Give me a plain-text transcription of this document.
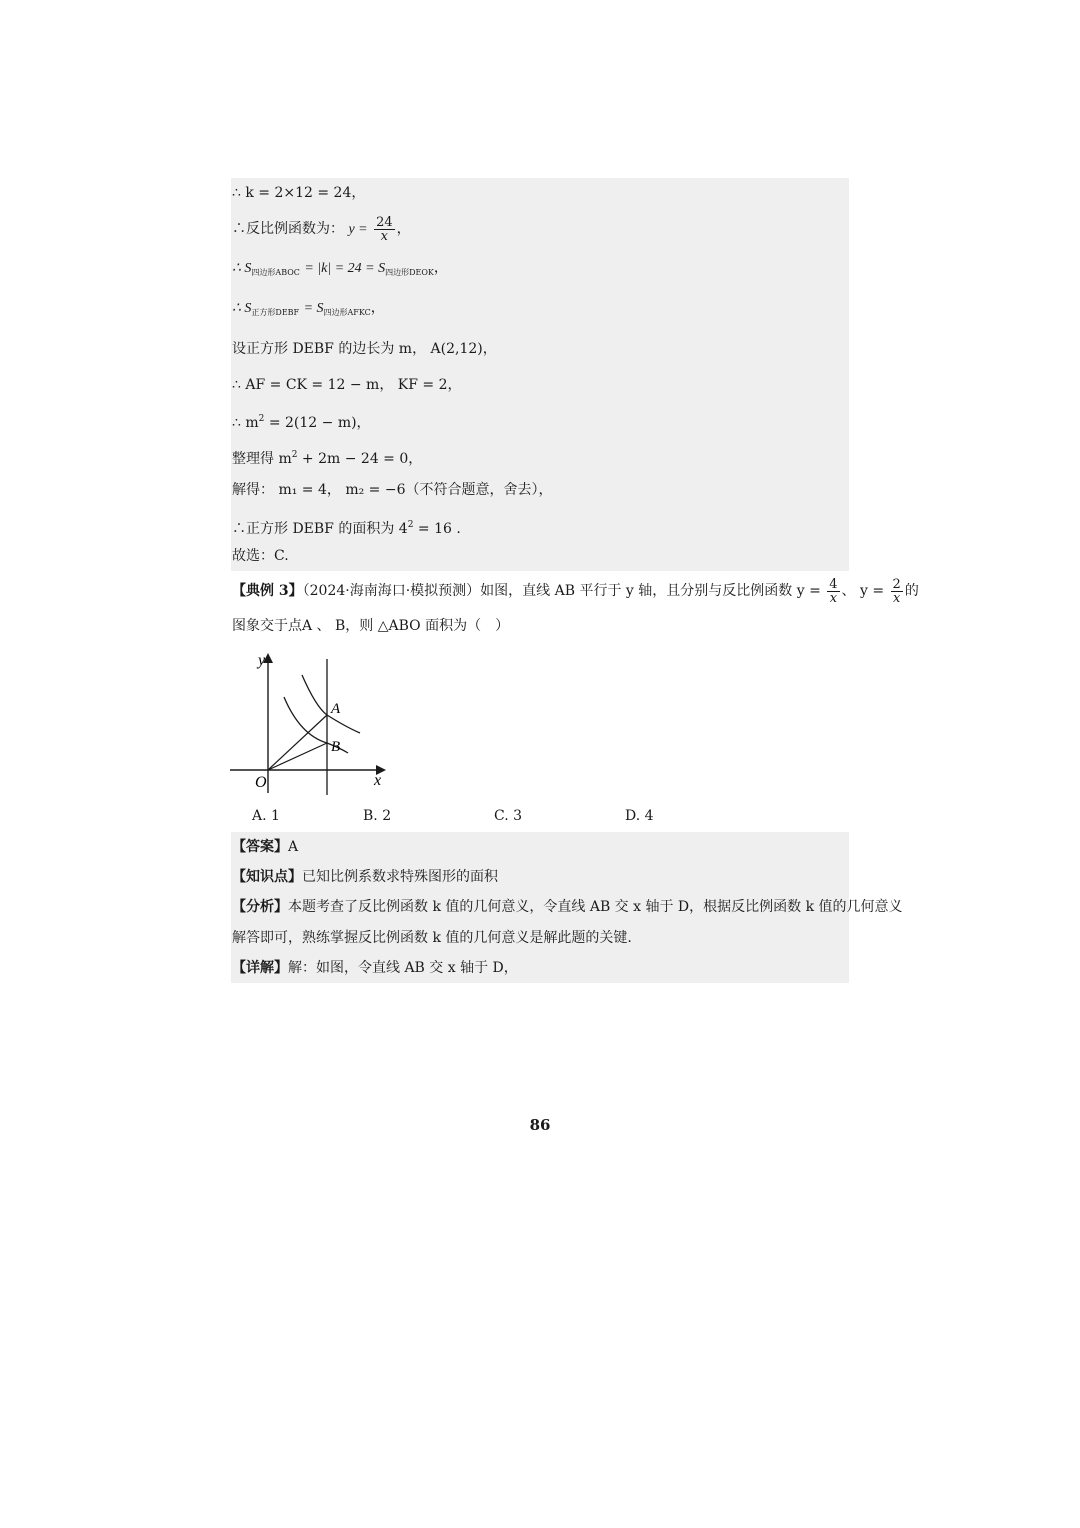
∴ k = 2×12 = 24，
∴反比例函数为： $y = \frac{24}{x}$ ，
∴ $S_{四边形ABOC} = |k| = 24 = S_{四边形DEOK}$，
∴ $S_{正方形DEBF} = S_{四边形AFKC}$，
设正方形 DEBF 的边长为 m， A(2,12)，
∴ AF = CK = 12 − m， KF = 2，
∴ $m^2 = 2(12 - m)$，
整理得 $m^2 + 2m - 24 = 0$，
解得： m₁ = 4， m₂ = −6（不符合题意，舍去），
∴正方形 DEBF 的面积为 $4^2 = 16$ .
故选：C.
【典例 3】（2024·海南海口·模拟预测）如图，直线 AB 平行于 y 轴，且分别与反比例函数 $y = \frac{4}{x}$ 、 $y = \frac{2}{x}$ 的
图象交于点A 、 B，则 △ABO 面积为（　）
y
x
O
A
B
A. 1	B. 2	C. 3	D. 4
【答案】A
【知识点】已知比例系数求特殊图形的面积
【分析】本题考查了反比例函数 k 值的几何意义，令直线 AB 交 x 轴于 D，根据反比例函数 k 值的几何意义
解答即可，熟练掌握反比例函数 k 值的几何意义是解此题的关键.
【详解】解：如图，令直线 AB 交 x 轴于 D，
86
